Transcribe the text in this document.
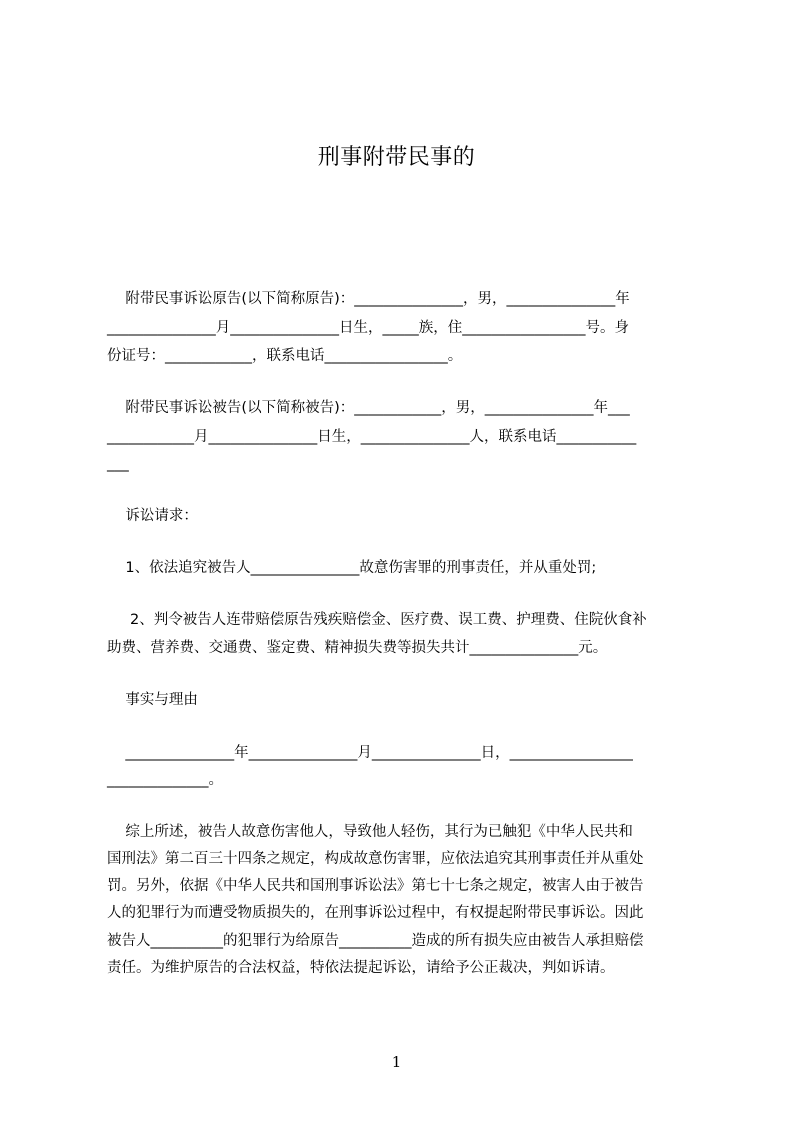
刑事附带民事的
附带民事诉讼原告(以下简称原告)：_______________，男，_______________年
_______________月_______________日生，_____族，住_________________号。身
份证号：____________，联系电话_________________。
附带民事诉讼被告(以下简称被告)：____________，男，_______________年___
____________月_______________日生，_______________人，联系电话___________
___
诉讼请求：
1、依法追究被告人_______________故意伤害罪的刑事责任，并从重处罚;
2、判令被告人连带赔偿原告残疾赔偿金、医疗费、误工费、护理费、住院伙食补
助费、营养费、交通费、鉴定费、精神损失费等损失共计_______________元。
事实与理由
_______________年_______________月_______________日，_________________
______________。
综上所述，被告人故意伤害他人，导致他人轻伤，其行为已触犯《中华人民共和
国刑法》第二百三十四条之规定，构成故意伤害罪，应依法追究其刑事责任并从重处
罚。另外，依据《中华人民共和国刑事诉讼法》第七十七条之规定，被害人由于被告
人的犯罪行为而遭受物质损失的，在刑事诉讼过程中，有权提起附带民事诉讼。因此
被告人__________的犯罪行为给原告__________造成的所有损失应由被告人承担赔偿
责任。为维护原告的合法权益，特依法提起诉讼，请给予公正裁决，判如诉请。
1
